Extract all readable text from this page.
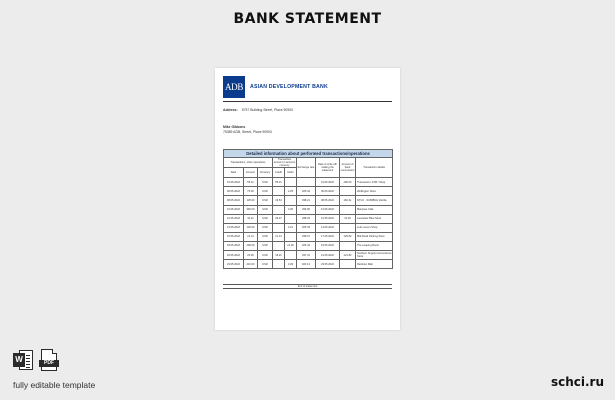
BANK STATEMENT
ADB	ASIAN DEVELOPMENT BANK
Address: 5757 Building Street, Place 90900
Mike Gibbons
75389 ADB, Street, Place 90903
Detailed information about performed transactions/operations								
Transactions, other operations			Transaction amount in account currency		Exchange rate	Date of write-off/ making the statement	Amount of bank commission	Transaction details
Date	Amount	Currency	Credit	Debit				
01.05.2022	55.21	USD	55.21			01.05.2022	400.00	Transaction: ATM / Shop
06.05.2022	70.00	USD		2.25	405.44	06.05.2022		Wellington Store
08.05.2022	125.00	USD	19.54		498.21	08.05.2022	162.21	NTUC - SCB/BCH Vanilla
10.05.2022	360.00	USD		4.00	456.00	13.05.2022		Marquee Café
12.05.2022	42.21	USD	39.27		498.34	12.05.2022	10.00	Lancaster Blue Store
13.05.2022	120.00	USD		4.21	405.33	14.05.2022		Lulu Lemon Shop
15.05.2022	21.14	USD	21.14		498.37	17.05.2022	125.84	Mid-Road Parking Store
18.05.2022	290.00	USD		21.00	405.44	19.05.2022		The Leaping Room
20.05.2022	20.35	USD	18.21		497.31	21.05.2022	121.82	Northern Supply Convenience Store
23.05.2022	210.00	USD		4.09	403.13	23.05.2022		Rainbow Mall
End of statement
W	PDF
fully editable template	schci.ru
